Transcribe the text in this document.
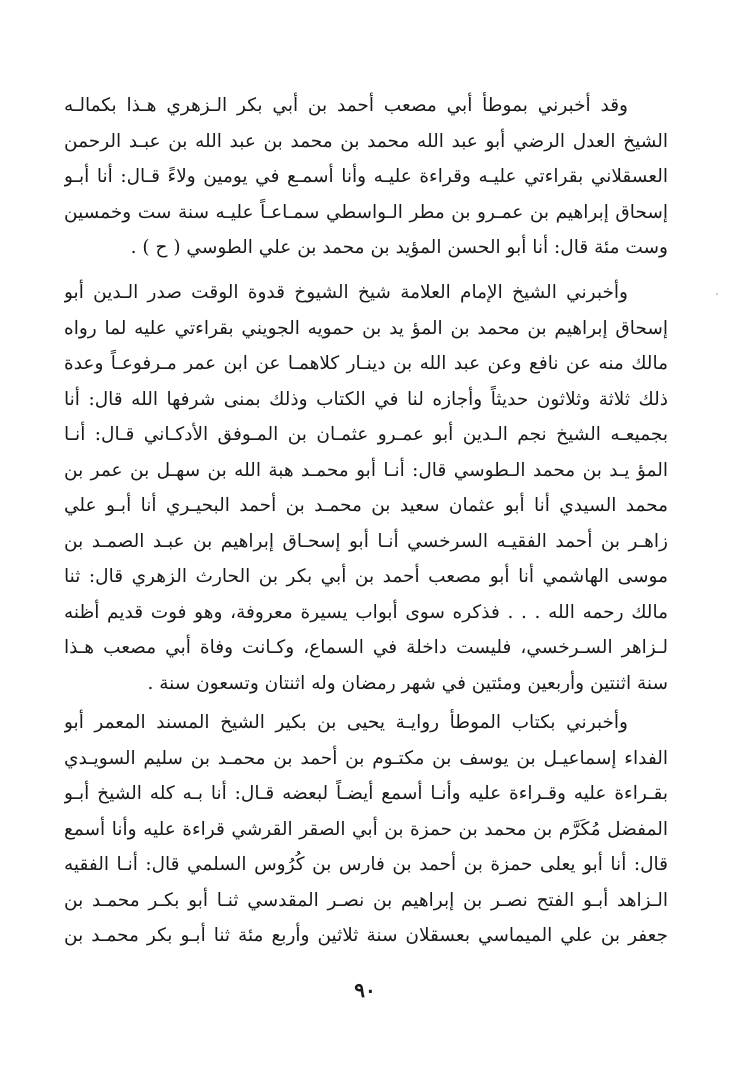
وقد أخبرني بموطأ أبي مصعب أحمد بن أبي بكر الـزهري هـذا بكمالـه
الشيخ العدل الرضي أبو عبد الله محمد بن محمد بن عبد الله بن عبـد الرحمن
العسقلاني بقراءتي عليـه وقراءة عليـه وأنا أسمـع في يومين ولاءً قـال: أنا أبـو
إسحاق إبراهيم بن عمـرو بن مطر الـواسطي سمـاعـاً عليـه سنة ست وخمسين
وست مئة قال: أنا أبو الحسن المؤيد بن محمد بن علي الطوسي ( ح ) .
وأخبرني الشيخ الإمام العلامة شيخ الشيوخ قدوة الوقت صدر الـدين أبو
إسحاق إبراهيم بن محمد بن المؤ يد بن حمويه الجويني بقراءتي عليه لما رواه
مالك منه عن نافع وعن عبد الله بن دينـار كلاهمـا عن ابن عمر مـرفوعـاً وعدة
ذلك ثلاثة وثلاثون حديثاً وأجازه لنا في الكتاب وذلك بمنى شرفها الله قال: أنا
بجميعـه الشيخ نجم الـدين أبو عمـرو عثمـان بن المـوفق الأدكـاني قـال: أنـا
المؤ يـد بن محمد الـطوسي قال: أنـا أبو محمـد هبة الله بن سهـل بن عمر بن
محمد السيدي أنا أبو عثمان سعيد بن محمـد بن أحمد البحيـري أنا أبـو علي
زاهـر بن أحمد الفقيـه السرخسي أنـا أبو إسحـاق إبراهيم بن عبـد الصمـد بن
موسى الهاشمي أنا أبو مصعب أحمد بن أبي بكر بن الحارث الزهري قال: ثنا
مالك رحمه الله . . . فذكره سوى أبواب يسيرة معروفة، وهو فوت قديم أظنه
لـزاهر السـرخسي، فليست داخلة في السماع، وكـانت وفاة أبي مصعب هـذا
سنة اثنتين وأربعين ومئتين في شهر رمضان وله اثنتان وتسعون سنة .
وأخبرني بكتاب الموطأ روايـة يحيى بن بكير الشيخ المسند المعمر أبو
الفداء إسماعيـل بن يوسف بن مكتـوم بن أحمد بن محمـد بن سليم السويـدي
بقـراءة عليه وقـراءة عليه وأنـا أسمع أيضـاً لبعضه قـال: أنا بـه كله الشيخ أبـو
المفضل مُكَرَّم بن محمد بن حمزة بن أبي الصقر القرشي قراءة عليه وأنا أسمع
قال: أنا أبو يعلى حمزة بن أحمد بن فارس بن كُرُوس السلمي قال: أنـا الفقيه
الـزاهد أبـو الفتح نصـر بن إبراهيم بن نصـر المقدسي ثنـا أبو بكـر محمـد بن
جعفر بن علي الميماسي بعسقلان سنة ثلاثين وأربع مئة ثنا أبـو بكر محمـد بن
٩٠
